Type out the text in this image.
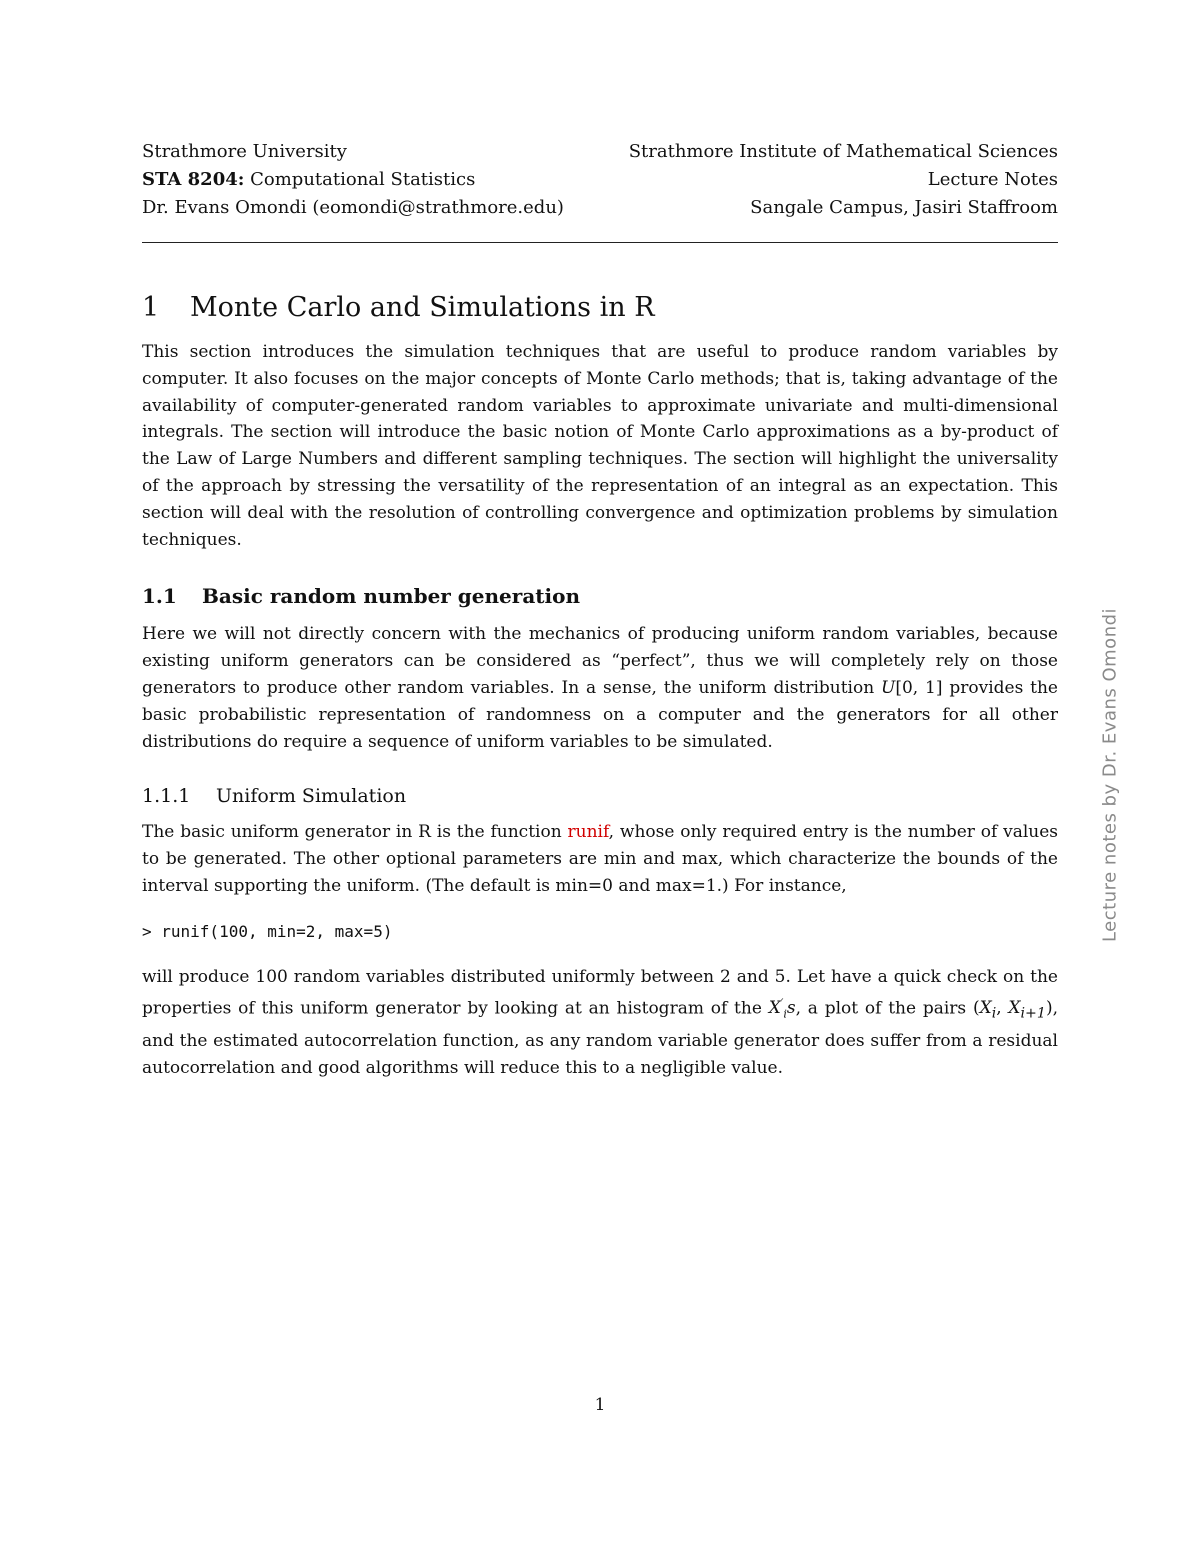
Strathmore University	Strathmore Institute of Mathematical Sciences
STA 8204: Computational Statistics	Lecture Notes
Dr. Evans Omondi (eomondi@strathmore.edu)	Sangale Campus, Jasiri Staffroom
1 Monte Carlo and Simulations in R

This section introduces the simulation techniques that are useful to produce random variables by computer. It also focuses on the major concepts of Monte Carlo methods; that is, taking advantage of the availability of computer-generated random variables to approximate univariate and multi-dimensional integrals. The section will introduce the basic notion of Monte Carlo approximations as a by-product of the Law of Large Numbers and different sampling techniques. The section will highlight the universality of the approach by stressing the versatility of the representation of an integral as an expectation. This section will deal with the resolution of controlling convergence and optimization problems by simulation techniques.

1.1 Basic random number generation

Here we will not directly concern with the mechanics of producing uniform random variables, because existing uniform generators can be considered as “perfect”, thus we will completely rely on those generators to produce other random variables. In a sense, the uniform distribution U[0, 1] provides the basic probabilistic representation of randomness on a computer and the generators for all other distributions do require a sequence of uniform variables to be simulated.

1.1.1 Uniform Simulation

The basic uniform generator in R is the function runif, whose only required entry is the number of values to be generated. The other optional parameters are min and max, which characterize the bounds of the interval supporting the uniform. (The default is min=0 and max=1.) For instance,

> runif(100, min=2, max=5)

will produce 100 random variables distributed uniformly between 2 and 5. Let have a quick check on the properties of this uniform generator by looking at an histogram of the $X'_is$, a plot of the pairs ($X_i$, $X_{i+1}$), and the estimated autocorrelation function, as any random variable generator does suffer from a residual autocorrelation and good algorithms will reduce this to a negligible value.

Lecture notes by Dr. Evans Omondi
1
